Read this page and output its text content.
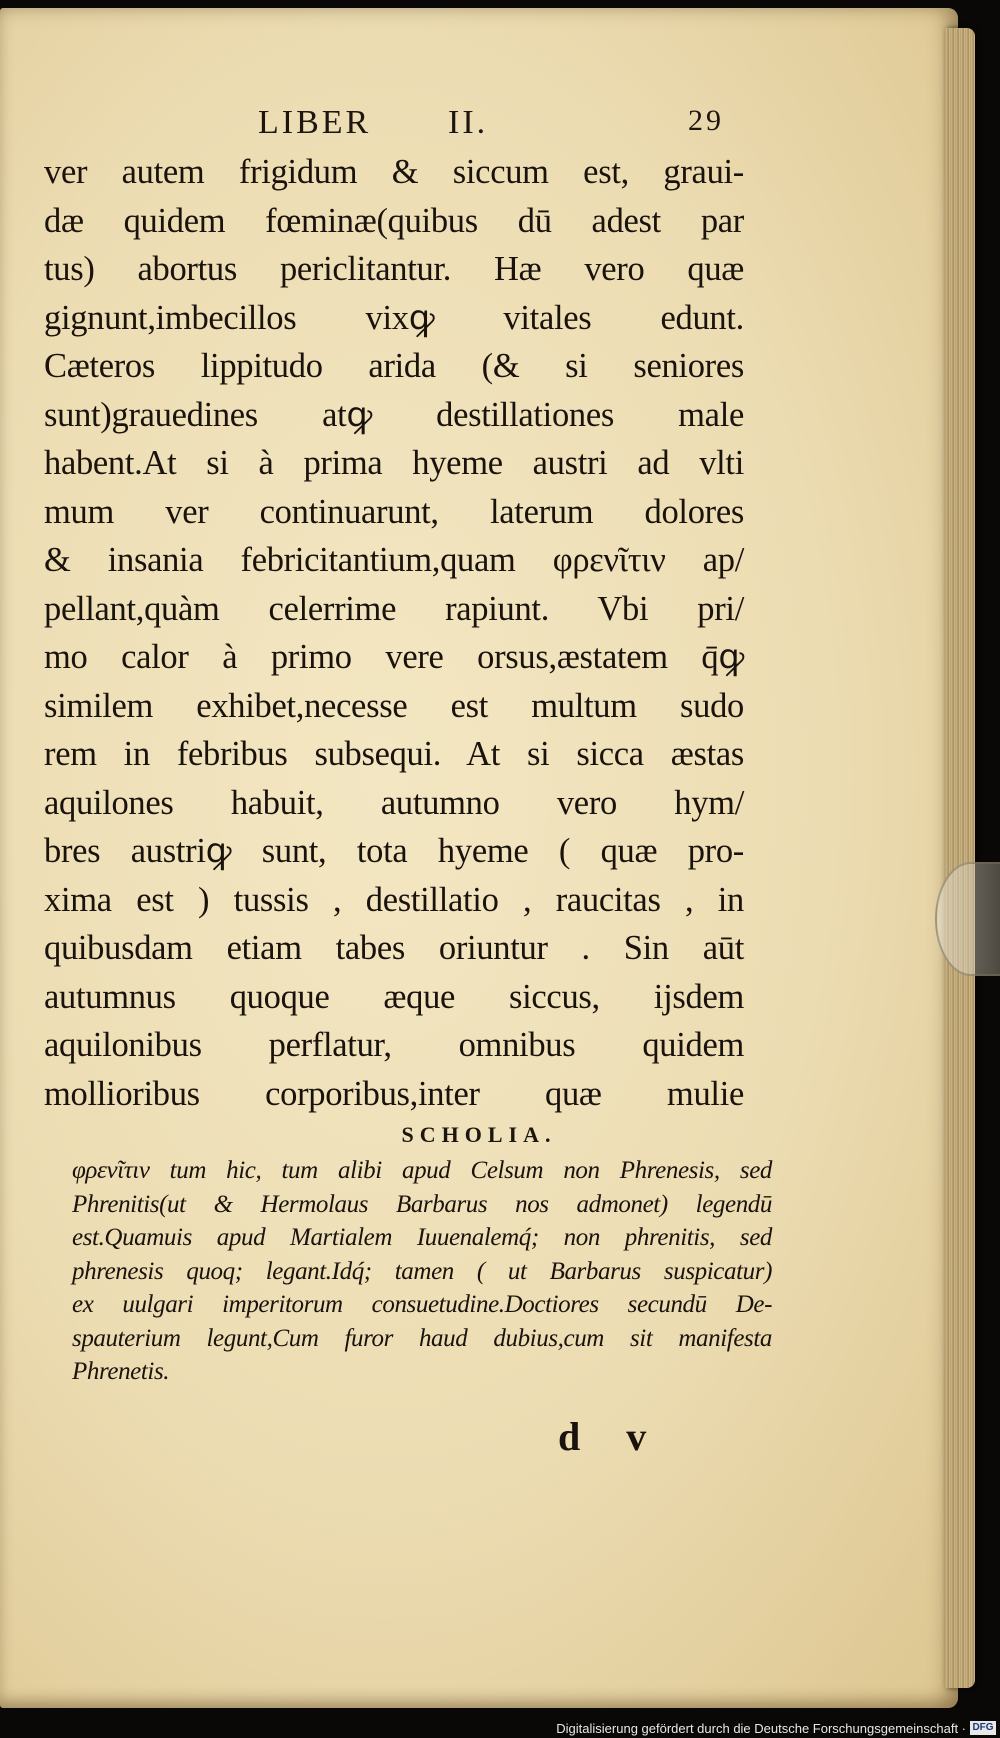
LIBER II.	29
ver autem frigidum & siccum est, graui-
dæ quidem fœminæ(quibus dū adest par
tus) abortus periclitantur. Hæ vero quæ
gignunt,imbecillos vixꝙ vitales edunt.
Cæteros lippitudo arida (& si seniores
sunt)grauedines atꝙ destillationes male
habent.At si à prima hyeme austri ad vlti
mum ver continuarunt, laterum dolores
& insania febricitantium,quam φρενῖτιν ap/
pellant,quàm celerrime rapiunt. Vbi pri/
mo calor à primo vere orsus,æstatem q̄ꝙ
similem exhibet,necesse est multum sudo
rem in febribus subsequi. At si sicca æstas
aquilones habuit, autumno vero hym/
bres austriꝙ sunt, tota hyeme ( quæ pro-
xima est ) tussis , destillatio , raucitas , in
quibusdam etiam tabes oriuntur . Sin aūt
autumnus quoque æque siccus, ijsdem
aquilonibus perflatur, omnibus quidem
mollioribus corporibus,inter quæ mulie
SCHOLIA.
φρενῖτιν tum hic, tum alibi apud Celsum non Phrenesis, sed
Phrenitis(ut & Hermolaus Barbarus nos admonet) legendū
est.Quamuis apud Martialem Iuuenalemq́; non phrenitis, sed
phrenesis quoq; legant.Idq́; tamen ( ut Barbarus suspicatur)
ex uulgari imperitorum consuetudine.Doctiores secundū De-
spauterium legunt,Cum furor haud dubius,cum sit manifesta
Phrenetis.
d v
Digitalisierung gefördert durch die Deutsche Forschungsgemeinschaft · DFG
